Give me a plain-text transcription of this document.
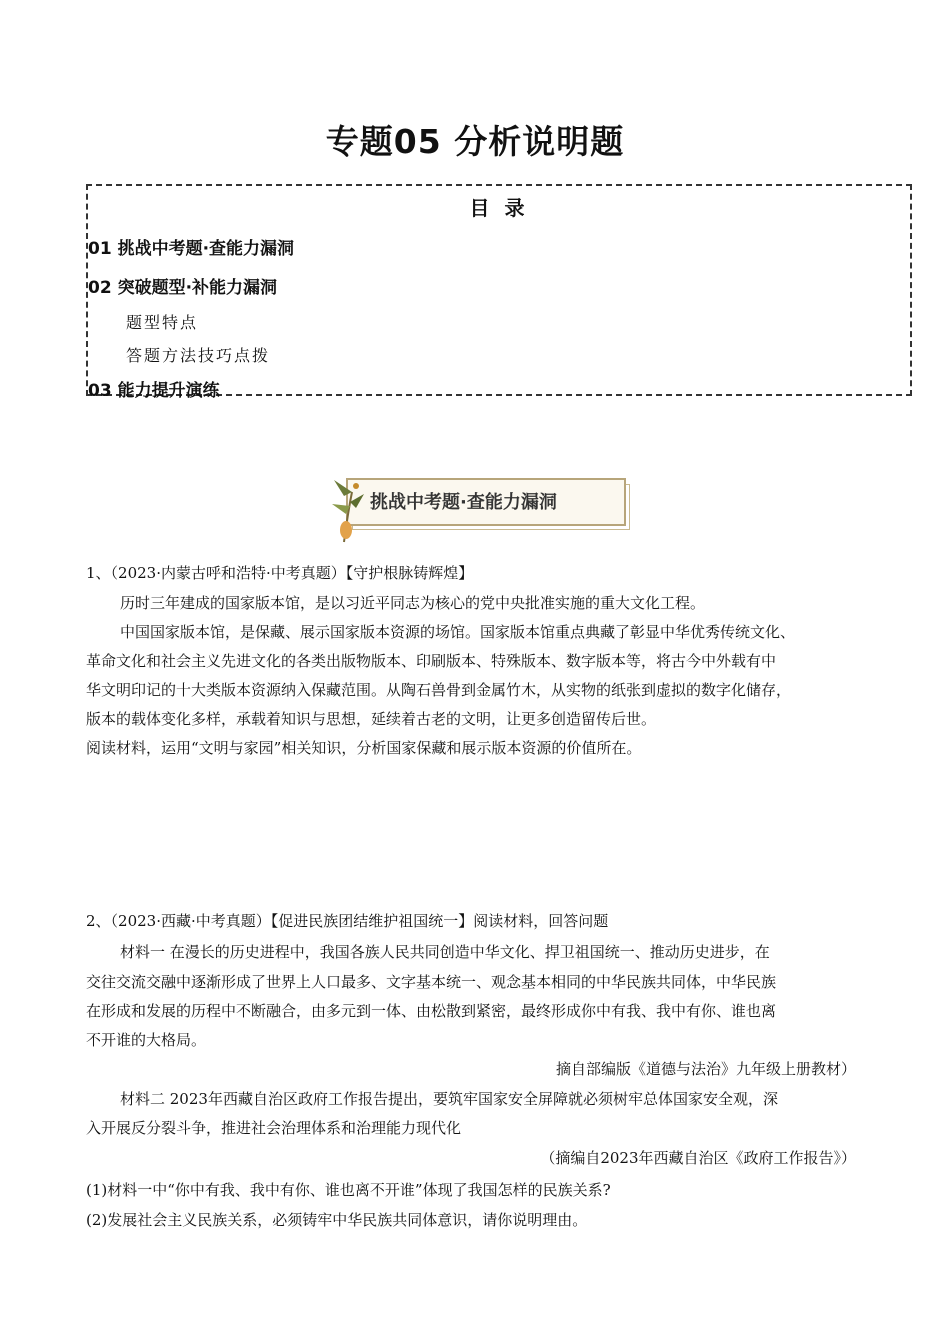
专题05 分析说明题
目 录
01 挑战中考题·查能力漏洞
02 突破题型·补能力漏洞
题型特点
答题方法技巧点拨
03 能力提升演练
挑战中考题·查能力漏洞
1、（2023·内蒙古呼和浩特·中考真题）【守护根脉铸辉煌】
历时三年建成的国家版本馆，是以习近平同志为核心的党中央批准实施的重大文化工程。
中国国家版本馆，是保藏、展示国家版本资源的场馆。国家版本馆重点典藏了彰显中华优秀传统文化、
革命文化和社会主义先进文化的各类出版物版本、印刷版本、特殊版本、数字版本等，将古今中外载有中
华文明印记的十大类版本资源纳入保藏范围。从陶石兽骨到金属竹木，从实物的纸张到虚拟的数字化储存，
版本的载体变化多样，承载着知识与思想，延续着古老的文明，让更多创造留传后世。
阅读材料，运用“文明与家园”相关知识，分析国家保藏和展示版本资源的价值所在。
2、（2023·西藏·中考真题）【促进民族团结维护祖国统一】阅读材料，回答问题
材料一 在漫长的历史进程中，我国各族人民共同创造中华文化、捍卫祖国统一、推动历史进步，在
交往交流交融中逐渐形成了世界上人口最多、文字基本统一、观念基本相同的中华民族共同体，中华民族
在形成和发展的历程中不断融合，由多元到一体、由松散到紧密，最终形成你中有我、我中有你、谁也离
不开谁的大格局。
摘自部编版《道德与法治》九年级上册教材）
材料二 2023年西藏自治区政府工作报告提出，要筑牢国家安全屏障就必须树牢总体国家安全观，深
入开展反分裂斗争，推进社会治理体系和治理能力现代化
（摘编自2023年西藏自治区《政府工作报告》）
(1)材料一中“你中有我、我中有你、谁也离不开谁”体现了我国怎样的民族关系?
(2)发展社会主义民族关系，必须铸牢中华民族共同体意识，请你说明理由。
